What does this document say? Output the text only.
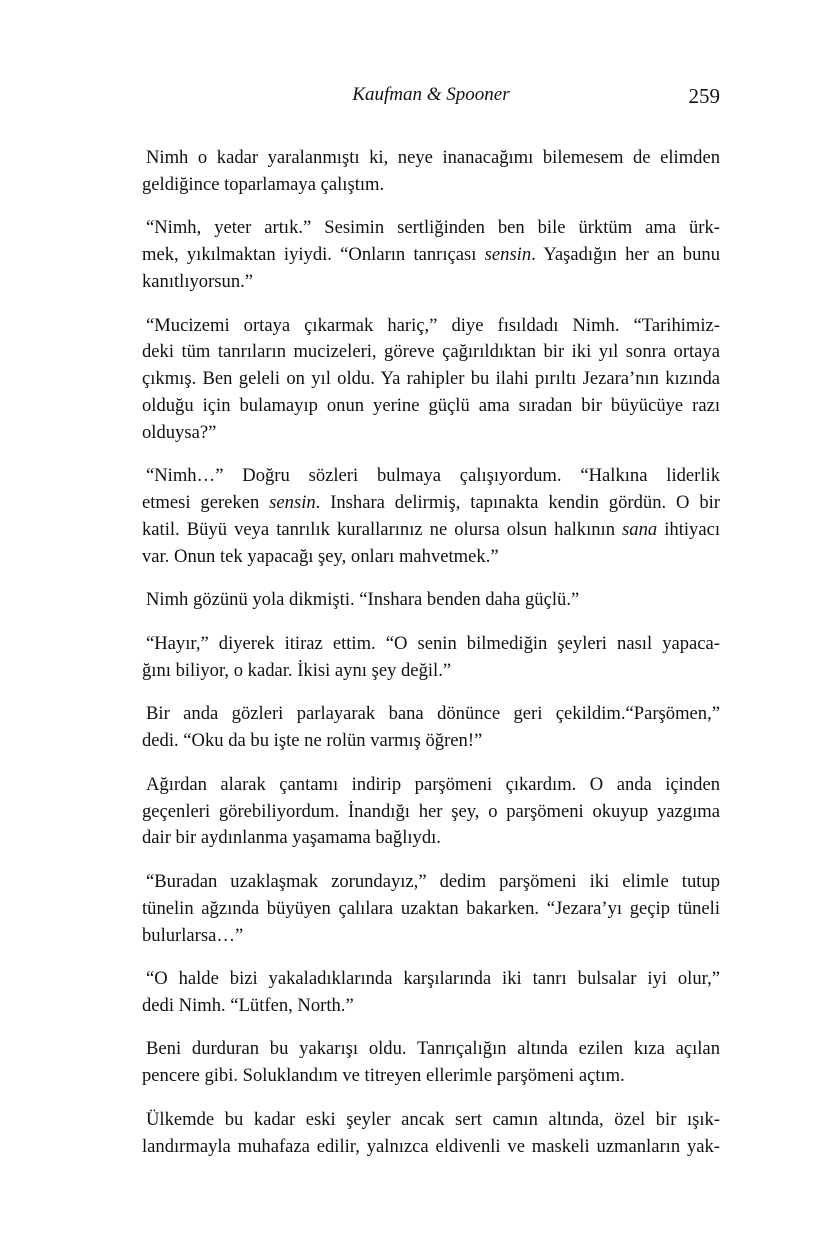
Kaufman & Spooner	259
Nimh o kadar yaralanmıştı ki, neye inanacağımı bilemesem de elimden
geldiğince toparlamaya çalıştım.
“Nimh, yeter artık.” Sesimin sertliğinden ben bile ürktüm ama ürk-
mek, yıkılmaktan iyiydi. “Onların tanrıçası sensin. Yaşadığın her an bunu
kanıtlıyorsun.”
“Mucizemi ortaya çıkarmak hariç,” diye fısıldadı Nimh. “Tarihimiz-
deki tüm tanrıların mucizeleri, göreve çağırıldıktan bir iki yıl sonra ortaya
çıkmış. Ben geleli on yıl oldu. Ya rahipler bu ilahi pırıltı Jezara’nın kızında
olduğu için bulamayıp onun yerine güçlü ama sıradan bir büyücüye razı
olduysa?”
“Nimh…” Doğru sözleri bulmaya çalışıyordum. “Halkına liderlik
etmesi gereken sensin. Inshara delirmiş, tapınakta kendin gördün. O bir
katil. Büyü veya tanrılık kurallarınız ne olursa olsun halkının sana ihtiyacı
var. Onun tek yapacağı şey, onları mahvetmek.”
Nimh gözünü yola dikmişti. “Inshara benden daha güçlü.”
“Hayır,” diyerek itiraz ettim. “O senin bilmediğin şeyleri nasıl yapaca-
ğını biliyor, o kadar. İkisi aynı şey değil.”
Bir anda gözleri parlayarak bana dönünce geri çekildim.“Parşömen,”
dedi. “Oku da bu işte ne rolün varmış öğren!”
Ağırdan alarak çantamı indirip parşömeni çıkardım. O anda içinden
geçenleri görebiliyordum. İnandığı her şey, o parşömeni okuyup yazgıma
dair bir aydınlanma yaşamama bağlıydı.
“Buradan uzaklaşmak zorundayız,” dedim parşömeni iki elimle tutup
tünelin ağzında büyüyen çalılara uzaktan bakarken. “Jezara’yı geçip tüneli
bulurlarsa…”
“O halde bizi yakaladıklarında karşılarında iki tanrı bulsalar iyi olur,”
dedi Nimh. “Lütfen, North.”
Beni durduran bu yakarışı oldu. Tanrıçalığın altında ezilen kıza açılan
pencere gibi. Soluklandım ve titreyen ellerimle parşömeni açtım.
Ülkemde bu kadar eski şeyler ancak sert camın altında, özel bir ışık-
landırmayla muhafaza edilir, yalnızca eldivenli ve maskeli uzmanların yak-
